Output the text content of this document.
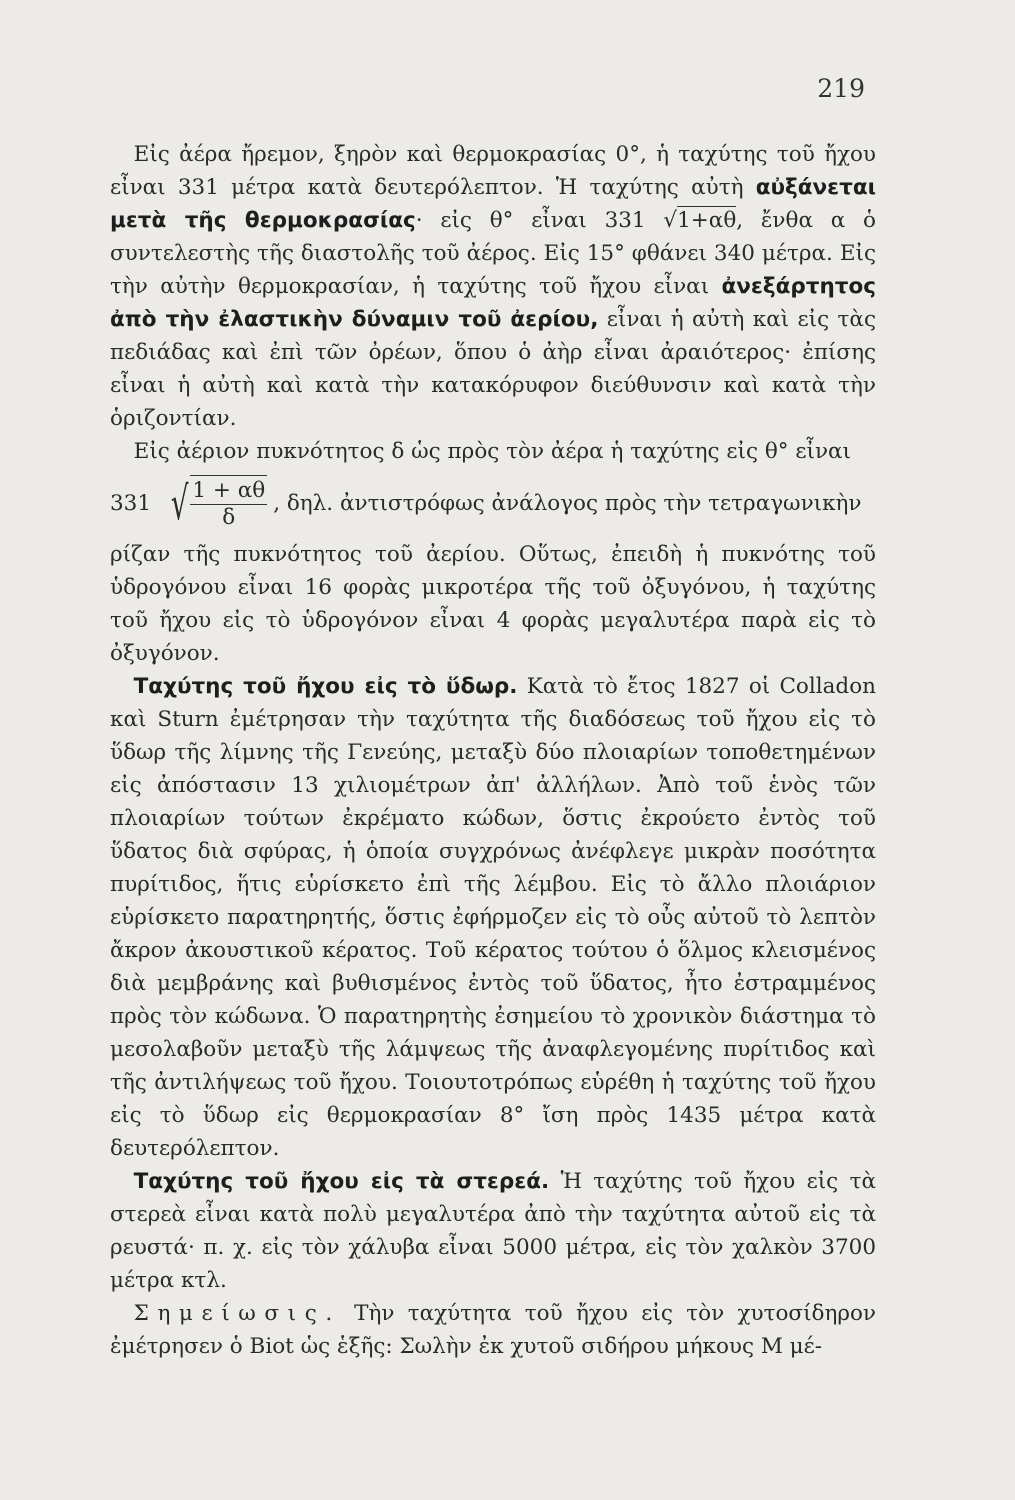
219

Εἰς ἀέρα ἤρεμον, ξηρὸν καὶ θερμοκρασίας 0°, ἡ ταχύτης τοῦ ἤχου εἶναι 331 μέτρα κατὰ δευτερόλεπτον. Ἡ ταχύτης αὐτὴ αὐξάνεται μετὰ τῆς θερμοκρασίας· εἰς θ° εἶναι 331 √1+αθ, ἔνθα α ὁ συντελεστὴς τῆς διαστολῆς τοῦ ἀέρος. Εἰς 15° φθάνει 340 μέτρα. Εἰς τὴν αὐτὴν θερμοκρασίαν, ἡ ταχύτης τοῦ ἤχου εἶναι ἀνεξάρτητος ἀπὸ τὴν ἐλαστικὴν δύναμιν τοῦ ἀερίου, εἶναι ἡ αὐτὴ καὶ εἰς τὰς πεδιάδας καὶ ἐπὶ τῶν ὀρέων, ὅπου ὁ ἀὴρ εἶναι ἀραιότερος· ἐπίσης εἶναι ἡ αὐτὴ καὶ κατὰ τὴν κατακόρυφον διεύθυνσιν καὶ κατὰ τὴν ὁριζοντίαν.

Εἰς ἀέριον πυκνότητος δ ὡς πρὸς τὸν ἀέρα ἡ ταχύτης εἰς θ° εἶναι

331 √ $\frac{1 + \alpha\theta}{\delta}$ , δηλ. ἀντιστρόφως ἀνάλογος πρὸς τὴν τετραγωνικὴν

ρίζαν τῆς πυκνότητος τοῦ ἀερίου. Οὕτως, ἐπειδὴ ἡ πυκνότης τοῦ ὑδρογόνου εἶναι 16 φορὰς μικροτέρα τῆς τοῦ ὀξυγόνου, ἡ ταχύτης τοῦ ἤχου εἰς τὸ ὑδρογόνον εἶναι 4 φορὰς μεγαλυτέρα παρὰ εἰς τὸ ὀξυγόνον.

Ταχύτης τοῦ ἤχου εἰς τὸ ὕδωρ. Κατὰ τὸ ἔτος 1827 οἱ Colladon καὶ Sturn ἐμέτρησαν τὴν ταχύτητα τῆς διαδόσεως τοῦ ἤχου εἰς τὸ ὕδωρ τῆς λίμνης τῆς Γενεύης, μεταξὺ δύο πλοιαρίων τοποθετημένων εἰς ἀπόστασιν 13 χιλιομέτρων ἀπ' ἀλλήλων. Ἀπὸ τοῦ ἑνὸς τῶν πλοιαρίων τούτων ἐκρέματο κώδων, ὅστις ἐκρούετο ἐντὸς τοῦ ὕδατος διὰ σφύρας, ἡ ὁποία συγχρόνως ἀνέφλεγε μικρὰν ποσότητα πυρίτιδος, ἥτις εὑρίσκετο ἐπὶ τῆς λέμβου. Εἰς τὸ ἄλλο πλοιάριον εὑρίσκετο παρατηρητής, ὅστις ἐφήρμοζεν εἰς τὸ οὖς αὐτοῦ τὸ λεπτὸν ἄκρον ἀκουστικοῦ κέρατος. Τοῦ κέρατος τούτου ὁ ὅλμος κλεισμένος διὰ μεμβράνης καὶ βυθισμένος ἐντὸς τοῦ ὕδατος, ἦτο ἐστραμμένος πρὸς τὸν κώδωνα. Ὁ παρατηρητὴς ἐσημείου τὸ χρονικὸν διάστημα τὸ μεσολαβοῦν μεταξὺ τῆς λάμψεως τῆς ἀναφλεγομένης πυρίτιδος καὶ τῆς ἀντιλήψεως τοῦ ἤχου. Τοιουτοτρόπως εὑρέθη ἡ ταχύτης τοῦ ἤχου εἰς τὸ ὕδωρ εἰς θερμοκρασίαν 8° ἴση πρὸς 1435 μέτρα κατὰ δευτερόλεπτον.

Ταχύτης τοῦ ἤχου εἰς τὰ στερεά. Ἡ ταχύτης τοῦ ἤχου εἰς τὰ στερεὰ εἶναι κατὰ πολὺ μεγαλυτέρα ἀπὸ τὴν ταχύτητα αὐτοῦ εἰς τὰ ρευστά· π. χ. εἰς τὸν χάλυβα εἶναι 5000 μέτρα, εἰς τὸν χαλκὸν 3700 μέτρα κτλ.

Σημείωσις. Τὴν ταχύτητα τοῦ ἤχου εἰς τὸν χυτοσίδηρον ἐμέτρησεν ὁ Biot ὡς ἑξῆς: Σωλὴν ἐκ χυτοῦ σιδήρου μήκους Μ μέ-
